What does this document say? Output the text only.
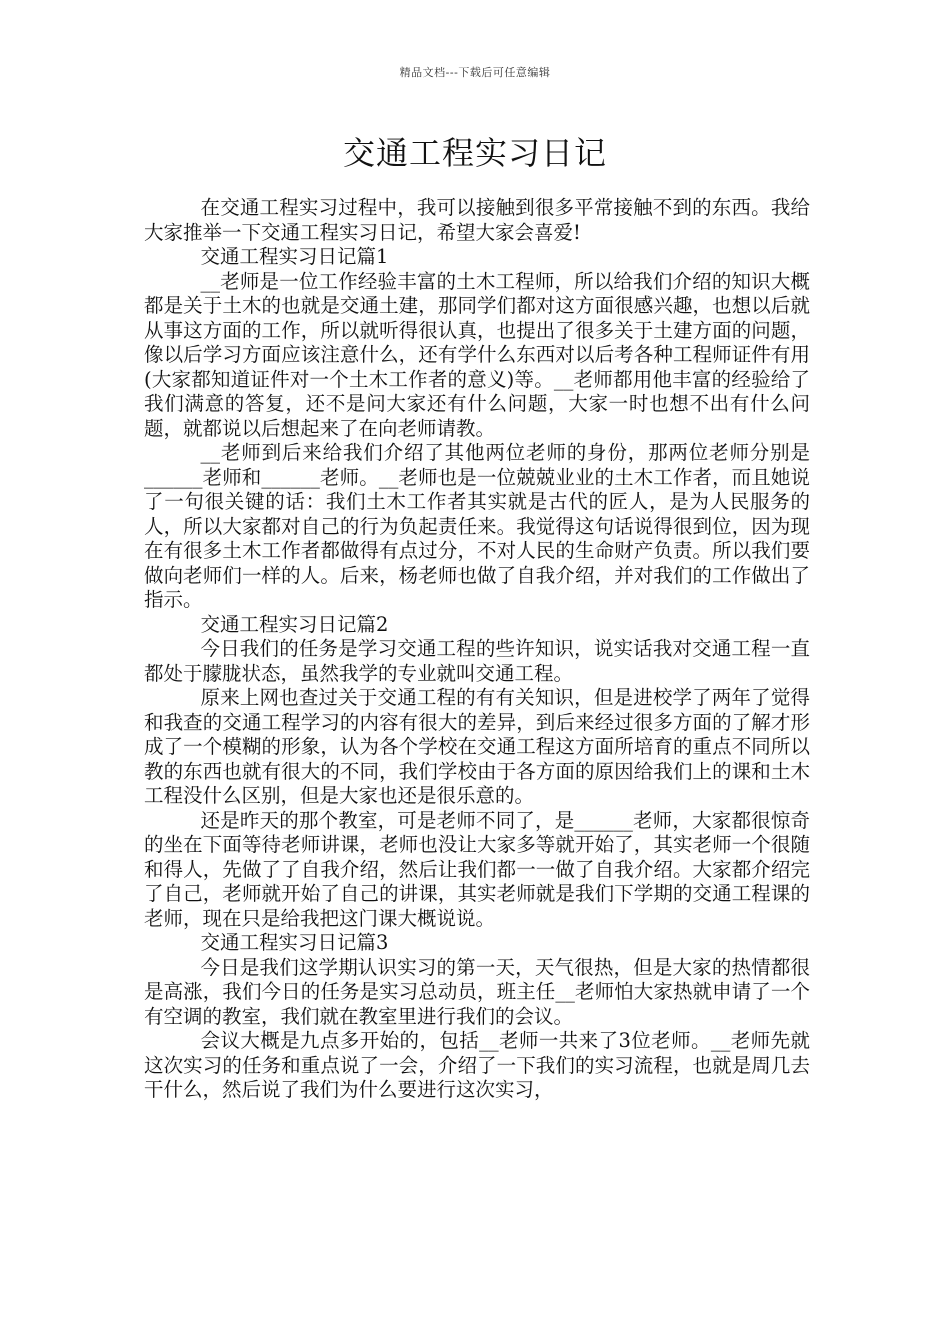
精品文档---下载后可任意编辑
交通工程实习日记

在交通工程实习过程中，我可以接触到很多平常接触不到的东西。我给大家推举一下交通工程实习日记，希望大家会喜爱!

交通工程实习日记篇1

__老师是一位工作经验丰富的土木工程师，所以给我们介绍的知识大概都是关于土木的也就是交通土建，那同学们都对这方面很感兴趣，也想以后就从事这方面的工作，所以就听得很认真，也提出了很多关于土建方面的问题，像以后学习方面应该注意什么，还有学什么东西对以后考各种工程师证件有用(大家都知道证件对一个土木工作者的意义)等。__老师都用他丰富的经验给了我们满意的答复，还不是问大家还有什么问题，大家一时也想不出有什么问题，就都说以后想起来了在向老师请教。

__老师到后来给我们介绍了其他两位老师的身份，那两位老师分别是______老师和______老师。__老师也是一位兢兢业业的土木工作者，而且她说了一句很关键的话：我们土木工作者其实就是古代的匠人，是为人民服务的人，所以大家都对自己的行为负起责任来。我觉得这句话说得很到位，因为现在有很多土木工作者都做得有点过分，不对人民的生命财产负责。所以我们要做向老师们一样的人。后来，杨老师也做了自我介绍，并对我们的工作做出了指示。

交通工程实习日记篇2

今日我们的任务是学习交通工程的些许知识，说实话我对交通工程一直都处于朦胧状态，虽然我学的专业就叫交通工程。

原来上网也查过关于交通工程的有有关知识，但是进校学了两年了觉得和我查的交通工程学习的内容有很大的差异，到后来经过很多方面的了解才形成了一个模糊的形象，认为各个学校在交通工程这方面所培育的重点不同所以教的东西也就有很大的不同，我们学校由于各方面的原因给我们上的课和土木工程没什么区别，但是大家也还是很乐意的。

还是昨天的那个教室，可是老师不同了，是______老师，大家都很惊奇的坐在下面等待老师讲课，老师也没让大家多等就开始了，其实老师一个很随和得人，先做了了自我介绍，然后让我们都一一做了自我介绍。大家都介绍完了自己，老师就开始了自己的讲课，其实老师就是我们下学期的交通工程课的老师，现在只是给我把这门课大概说说。

交通工程实习日记篇3

今日是我们这学期认识实习的第一天，天气很热，但是大家的热情都很是高涨，我们今日的任务是实习总动员，班主任__老师怕大家热就申请了一个有空调的教室，我们就在教室里进行我们的会议。

会议大概是九点多开始的，包括__老师一共来了3位老师。__老师先就这次实习的任务和重点说了一会，介绍了一下我们的实习流程，也就是周几去干什么，然后说了我们为什么要进行这次实习，
